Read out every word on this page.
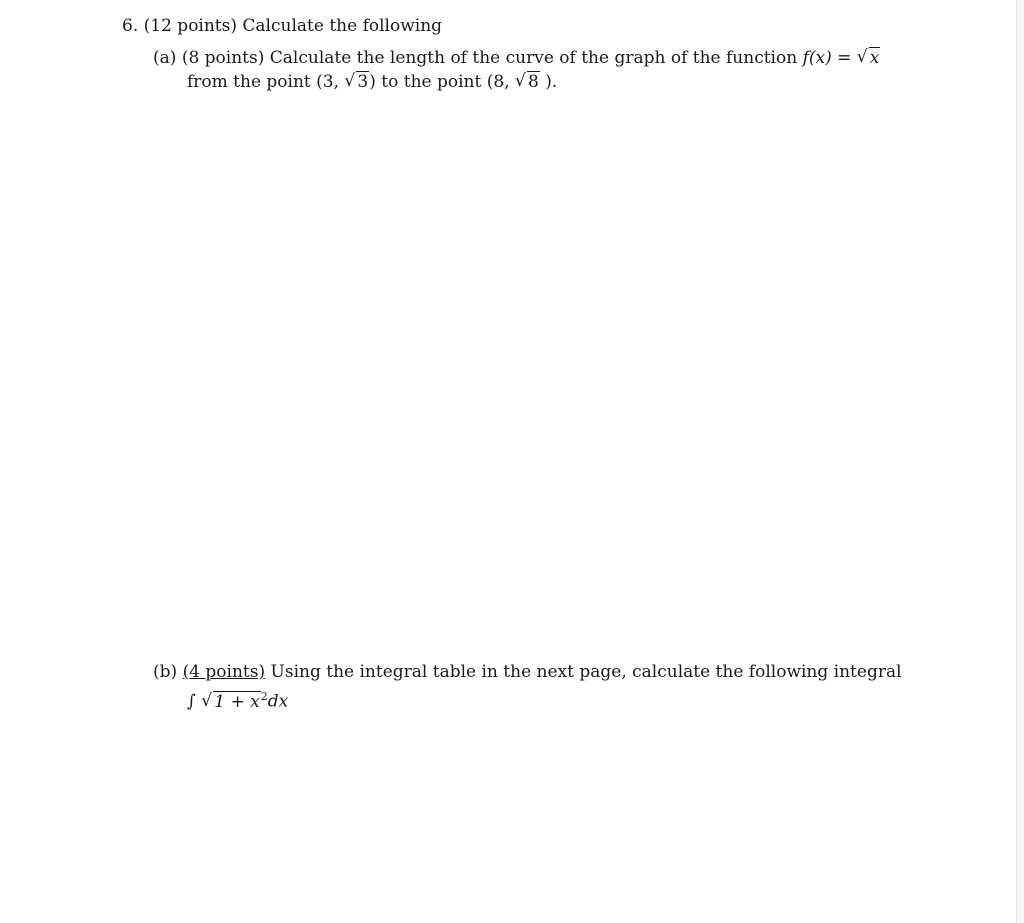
6. (12 points) Calculate the following
(a) (8 points) Calculate the length of the curve of the graph of the function f(x) = √ x
from the point (3, √ 3) to the point (8, √ 8 ).
(b) (4 points) Using the integral table in the next page, calculate the following integral
∫ √ $1 + x^2dx$
